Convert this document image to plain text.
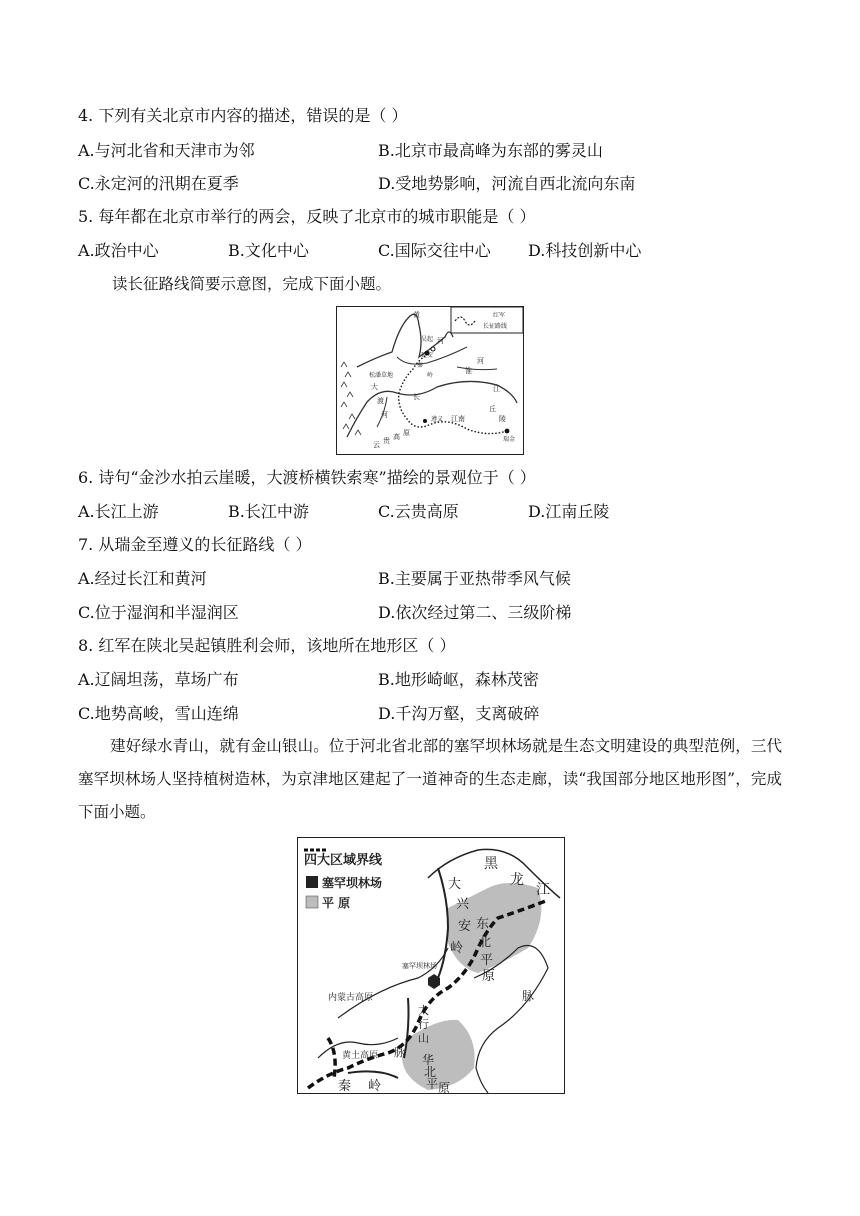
4. 下列有关北京市内容的描述，错误的是（ ）
A.与河北省和天津市为邻	B.北京市最高峰为东部的雾灵山
C.永定河的汛期在夏季	D.受地势影响，河流自西北流向东南
5. 每年都在北京市举行的两会，反映了北京市的城市职能是（ ）
A.政治中心	B.文化中心	C.国际交往中心 D.科技创新中心
读长征路线简要示意图，完成下面小题。
红军
长征路线
黄
河
河
淮
吴起
延安
秦
岭
松潘草地
大
渡
河
长
江
江南
丘
陵
遵义
瑞金
云 贵 高 原
6. 诗句“金沙水拍云崖暖，大渡桥横铁索寒”描绘的景观位于（ ）
A.长江上游	B.长江中游	C.云贵高原	D.江南丘陵
7. 从瑞金至遵义的长征路线（ ）
A.经过长江和黄河	B.主要属于亚热带季风气候
C.位于湿润和半湿润区	D.依次经过第二、三级阶梯
8. 红军在陕北吴起镇胜利会师，该地所在地形区（ ）
A.辽阔坦荡，草场广布	B.地形崎岖，森林茂密
C.地势高峻，雪山连绵	D.千沟万壑，支离破碎
建好绿水青山，就有金山银山。位于河北省北部的塞罕坝林场就是生态文明建设的典型范例，三代塞罕坝林场人坚持植树造林，为京津地区建起了一道神奇的生态走廊，读“我国部分地区地形图”，完成下面小题。
四大区域界线
塞罕坝林场
平 原
黑
龙
江
大
兴
安
岭
东
北
平
原
脉
塞罕坝林场
内蒙古高原
太
行
山
黄土高原 脉
华
北
平 原
秦 岭
